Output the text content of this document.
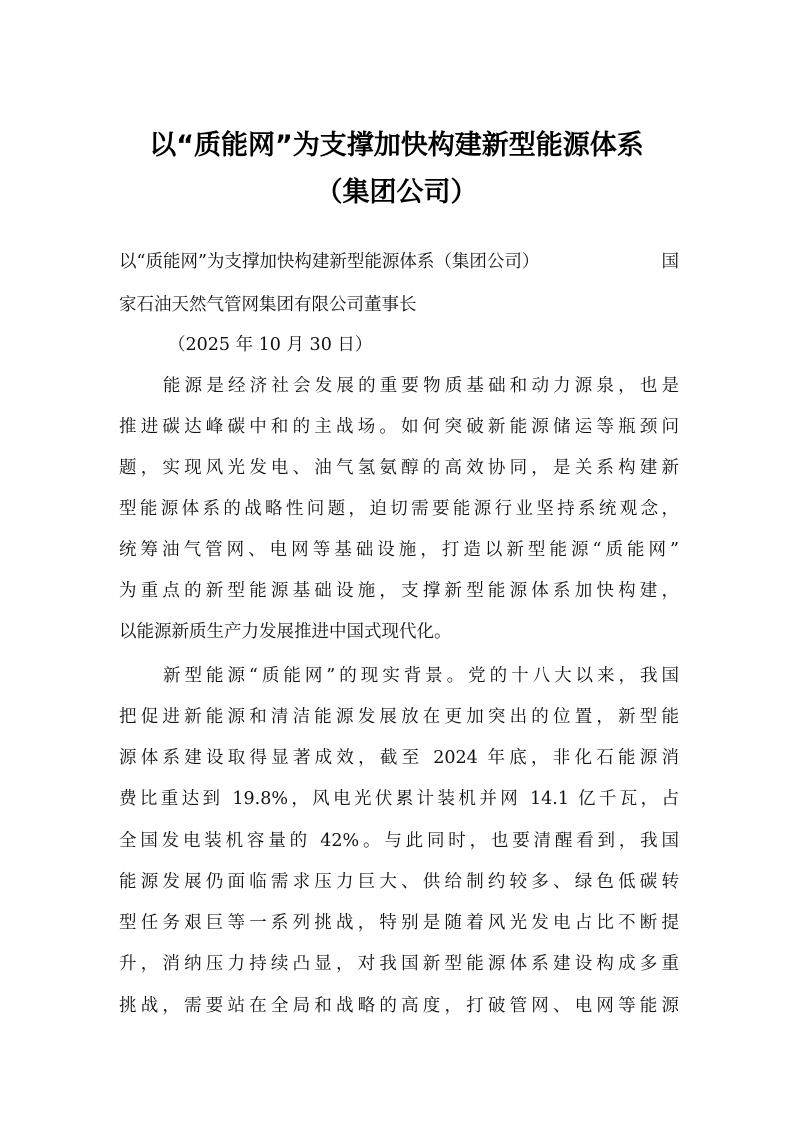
以“质能网”为支撑加快构建新型能源体系
（集团公司）
以“质能网”为支撑加快构建新型能源体系（集团公司）	国
家石油天然气管网集团有限公司董事长
（2025 年 10 月 30 日）
能源是经济社会发展的重要物质基础和动力源泉，也是
推进碳达峰碳中和的主战场。如何突破新能源储运等瓶颈问
题，实现风光发电、油气氢氨醇的高效协同，是关系构建新
型能源体系的战略性问题，迫切需要能源行业坚持系统观念，
统筹油气管网、电网等基础设施，打造以新型能源“质能网”
为重点的新型能源基础设施，支撑新型能源体系加快构建，
以能源新质生产力发展推进中国式现代化。
新型能源“质能网”的现实背景。党的十八大以来，我国
把促进新能源和清洁能源发展放在更加突出的位置，新型能
源体系建设取得显著成效，截至 2024 年底，非化石能源消
费比重达到 19.8%，风电光伏累计装机并网 14.1 亿千瓦，占
全国发电装机容量的 42%。与此同时，也要清醒看到，我国
能源发展仍面临需求压力巨大、供给制约较多、绿色低碳转
型任务艰巨等一系列挑战，特别是随着风光发电占比不断提
升，消纳压力持续凸显，对我国新型能源体系建设构成多重
挑战，需要站在全局和战略的高度，打破管网、电网等能源
